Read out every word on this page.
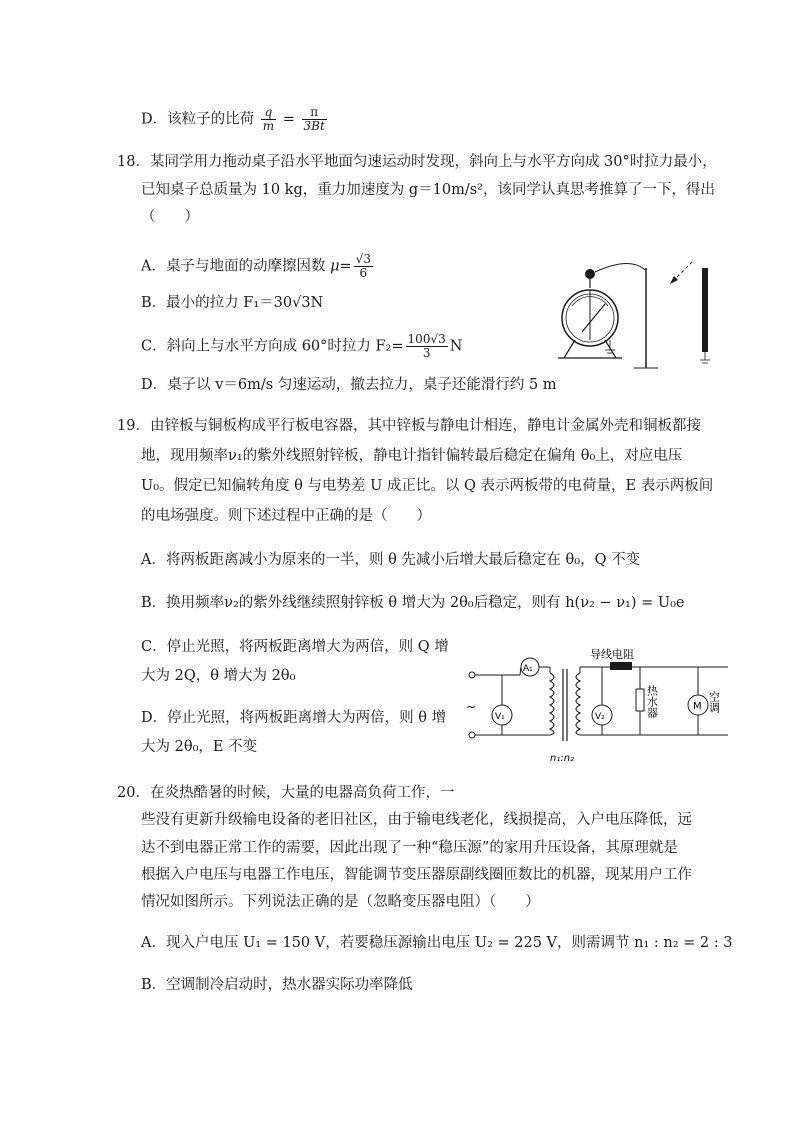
D．该粒子的比荷 $\frac{q}{m} = \frac{\pi}{3Bt}$
18．某同学用力拖动桌子沿水平地面匀速运动时发现，斜向上与水平方向成 30°时拉力最小，
已知桌子总质量为 10 kg，重力加速度为 g＝10m/s²，该同学认真思考推算了一下，得出
（　　）
A．桌子与地面的动摩擦因数 $\mu= \frac{√3}{6}$
B．最小的拉力 F₁＝30√3N
C．斜向上与水平方向成 60°时拉力 $F_2= \frac{100√3}{3}$ N
D．桌子以 v＝6m/s 匀速运动，撤去拉力，桌子还能滑行约 5 m
19．由锌板与铜板构成平行板电容器，其中锌板与静电计相连，静电计金属外壳和铜板都接
地，现用频率ν₁的紫外线照射锌板，静电计指针偏转最后稳定在偏角 θ₀上，对应电压
U₀。假定已知偏转角度 θ 与电势差 U 成正比。以 Q 表示两板带的电荷量，E 表示两板间
的电场强度。则下述过程中正确的是（　　）
A．将两板距离减小为原来的一半，则 θ 先减小后增大最后稳定在 θ₀，Q 不变
B．换用频率ν₂的紫外线继续照射锌板 θ 增大为 2θ₀后稳定，则有 h(ν₂ − ν₁) = U₀e
C．停止光照，将两板距离增大为两倍，则 Q 增
大为 2Q，θ 增大为 2θ₀
D．停止光照，将两板距离增大为两倍，则 θ 增
大为 2θ₀，E 不变
~
A₁
V₁
导线电阻
V₂	热水器	M 空调
n₁:n₂
20．在炎热酷暑的时候，大量的电器高负荷工作，一
些没有更新升级输电设备的老旧社区，由于输电线老化，线损提高，入户电压降低，远
达不到电器正常工作的需要，因此出现了一种“稳压源”的家用升压设备，其原理就是
根据入户电压与电器工作电压，智能调节变压器原副线圈匝数比的机器，现某用户工作
情况如图所示。下列说法正确的是（忽略变压器电阻）（　　）
A．现入户电压 U₁ = 150 V，若要稳压源输出电压 U₂ = 225 V，则需调节 n₁ : n₂ = 2 : 3
B．空调制冷启动时，热水器实际功率降低
